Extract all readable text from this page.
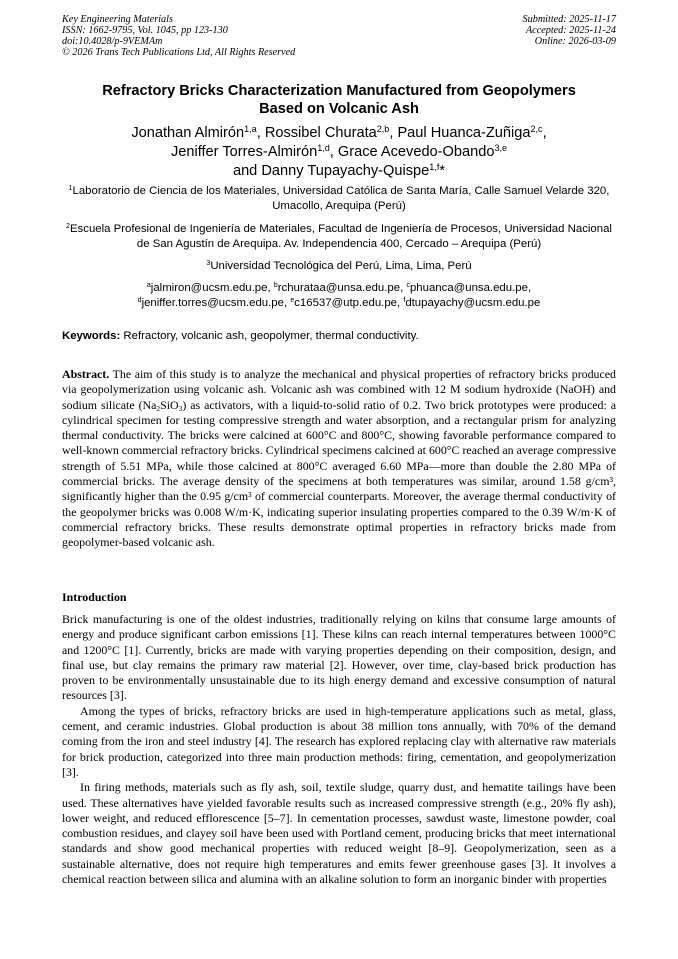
Key Engineering Materials
ISSN: 1662-9795, Vol. 1045, pp 123-130
doi:10.4028/p-9VEMAm
© 2026 Trans Tech Publications Ltd, All Rights Reserved
Submitted: 2025-11-17
Accepted: 2025-11-24
Online: 2026-03-09
Refractory Bricks Characterization Manufactured from Geopolymers
Based on Volcanic Ash
Jonathan Almirón$^{1,a}$, Rossibel Churata$^{2,b}$, Paul Huanca-Zuñiga$^{2,c}$,
Jeniffer Torres-Almirón$^{1,d}$, Grace Acevedo-Obando$^{3,e}$
and Danny Tupayachy-Quispe$^{1,f}$*
$^1$Laboratorio de Ciencia de los Materiales, Universidad Católica de Santa María, Calle Samuel Velarde 320, Umacollo, Arequipa (Perú)
$^2$Escuela Profesional de Ingeniería de Materiales, Facultad de Ingeniería de Procesos, Universidad Nacional de San Agustín de Arequipa. Av. Independencia 400, Cercado – Arequipa (Perú)
$^3$Universidad Tecnológica del Perú, Lima, Lima, Perú
$^a$jalmiron@ucsm.edu.pe, $^b$rchurataa@unsa.edu.pe, $^c$phuanca@unsa.edu.pe,
$^d$jeniffer.torres@ucsm.edu.pe, $^e$c16537@utp.edu.pe, $^f$dtupayachy@ucsm.edu.pe
Keywords: Refractory, volcanic ash, geopolymer, thermal conductivity.
Abstract. The aim of this study is to analyze the mechanical and physical properties of refractory bricks produced via geopolymerization using volcanic ash. Volcanic ash was combined with 12 M sodium hydroxide (NaOH) and sodium silicate $(Na_2SiO_3)$ as activators, with a liquid-to-solid ratio of 0.2. Two brick prototypes were produced: a cylindrical specimen for testing compressive strength and water absorption, and a rectangular prism for analyzing thermal conductivity. The bricks were calcined at 600°C and 800°C, showing favorable performance compared to well-known commercial refractory bricks. Cylindrical specimens calcined at 600°C reached an average compressive strength of 5.51 MPa, while those calcined at 800°C averaged 6.60 MPa—more than double the 2.80 MPa of commercial bricks. The average density of the specimens at both temperatures was similar, around 1.58 g/cm³, significantly higher than the 0.95 g/cm³ of commercial counterparts. Moreover, the average thermal conductivity of the geopolymer bricks was 0.008 W/m·K, indicating superior insulating properties compared to the 0.39 W/m·K of commercial refractory bricks. These results demonstrate optimal properties in refractory bricks made from geopolymer-based volcanic ash.
Introduction

Brick manufacturing is one of the oldest industries, traditionally relying on kilns that consume large amounts of energy and produce significant carbon emissions [1]. These kilns can reach internal temperatures between 1000°C and 1200°C [1]. Currently, bricks are made with varying properties depending on their composition, design, and final use, but clay remains the primary raw material [2]. However, over time, clay-based brick production has proven to be environmentally unsustainable due to its high energy demand and excessive consumption of natural resources [3].

Among the types of bricks, refractory bricks are used in high-temperature applications such as metal, glass, cement, and ceramic industries. Global production is about 38 million tons annually, with 70% of the demand coming from the iron and steel industry [4]. The research has explored replacing clay with alternative raw materials for brick production, categorized into three main production methods: firing, cementation, and geopolymerization [3].

In firing methods, materials such as fly ash, soil, textile sludge, quarry dust, and hematite tailings have been used. These alternatives have yielded favorable results such as increased compressive strength (e.g., 20% fly ash), lower weight, and reduced efflorescence [5–7]. In cementation processes, sawdust waste, limestone powder, coal combustion residues, and clayey soil have been used with Portland cement, producing bricks that meet international standards and show good mechanical properties with reduced weight [8–9]. Geopolymerization, seen as a sustainable alternative, does not require high temperatures and emits fewer greenhouse gases [3]. It involves a chemical reaction between silica and alumina with an alkaline solution to form an inorganic binder with properties
